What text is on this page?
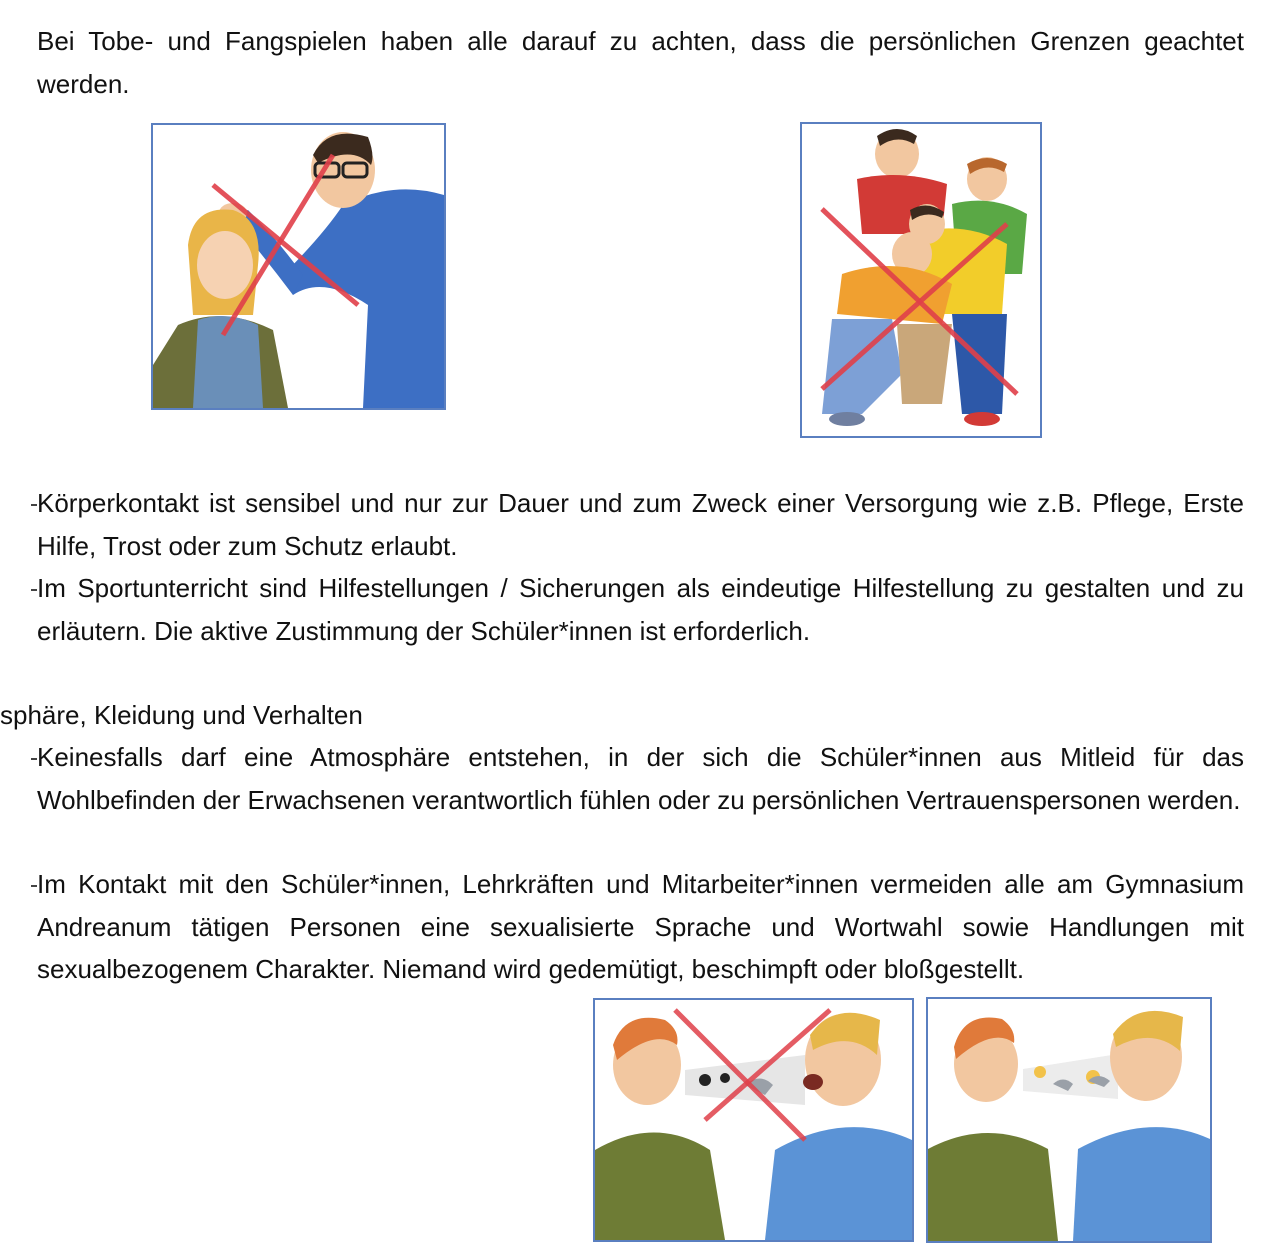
Bei Tobe- und Fangspielen haben alle darauf zu achten, dass die persönlichen Grenzen geachtet werden.
Körperkontakt ist sensibel und nur zur Dauer und zum Zweck einer Versorgung wie z.B. Pflege, Erste Hilfe, Trost oder zum Schutz erlaubt.
Im Sportunterricht sind Hilfestellungen / Sicherungen als eindeutige Hilfestellung zu gestalten und zu erläutern. Die aktive Zustimmung der Schüler*innen ist erforderlich.
sphäre, Kleidung und Verhalten
Keinesfalls darf eine Atmosphäre entstehen, in der sich die Schüler*innen aus Mitleid für das Wohlbefinden der Erwachsenen verantwortlich fühlen oder zu persönlichen Vertrauenspersonen werden.
Im Kontakt mit den Schüler*innen, Lehrkräften und Mitarbeiter*innen vermeiden alle am Gymnasium Andreanum tätigen Personen eine sexualisierte Sprache und Wortwahl sowie Handlungen mit sexualbezogenem Charakter. Niemand wird gedemütigt, beschimpft oder bloßgestellt.
